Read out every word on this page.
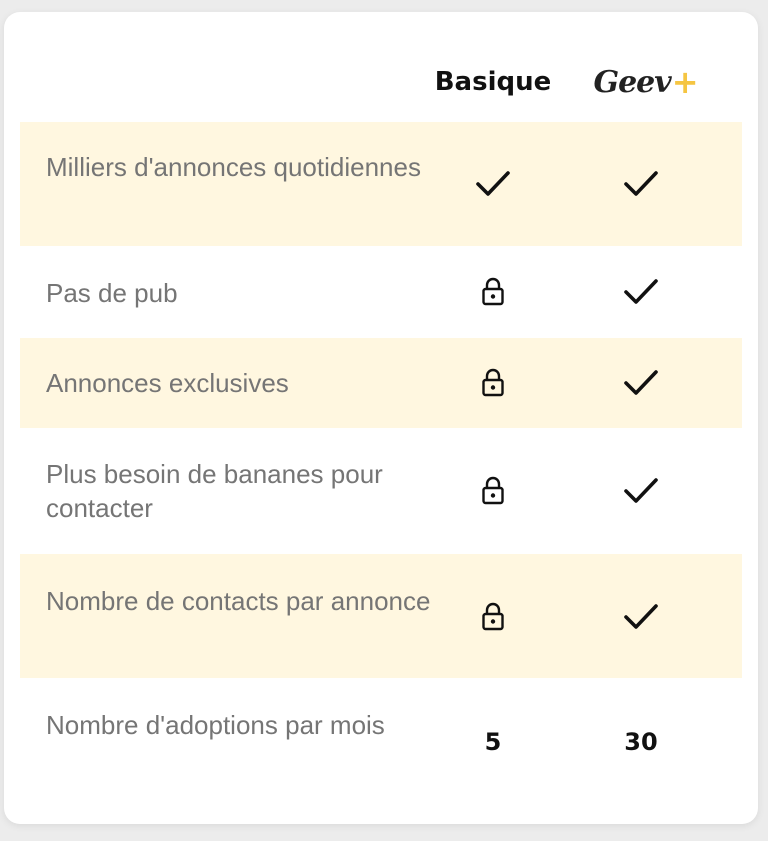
Basique Geev +
Milliers d'annonces quotidiennes
Pas de pub
Annonces exclusives
Plus besoin de bananes pour contacter
Nombre de contacts par annonce
Nombre d'adoptions par mois
5	30
